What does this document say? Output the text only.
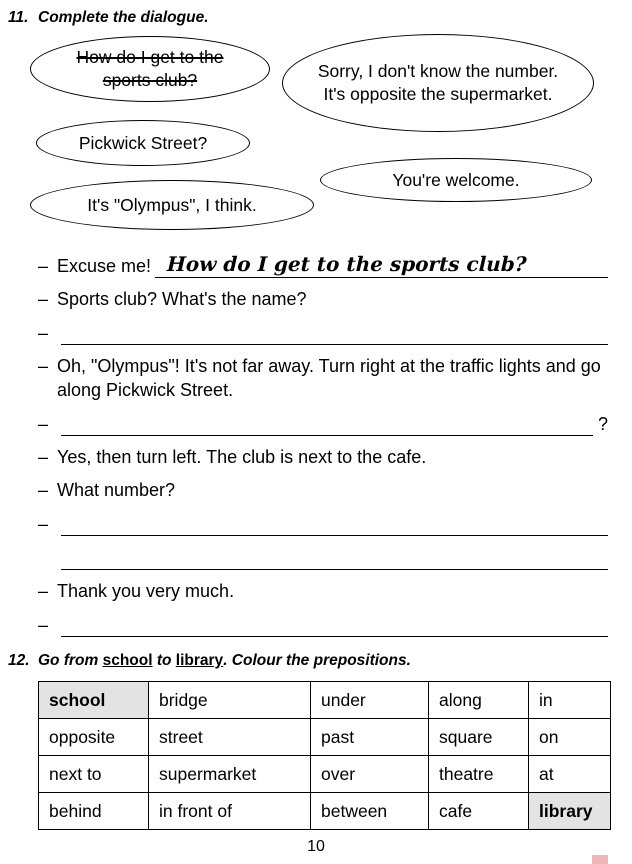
11. Complete the dialogue.
How do I get to the sports club?	Sorry, I don't know the number. It's opposite the supermarket.
Pickwick Street?
You're welcome.
It's "Olympus", I think.
– Excuse me! How do I get to the sports club?
– Sports club? What's the name?
–
– Oh, "Olympus"! It's not far away. Turn right at the traffic lights and go along Pickwick Street.
–	?
– Yes, then turn left. The club is next to the cafe.
– What number?
–
– Thank you very much.
–
12. Go from school to library. Colour the prepositions.
school	bridge	under	along	in
opposite	street	past	square	on
next to	supermarket	over	theatre	at
behind	in front of	between	cafe	library
10
